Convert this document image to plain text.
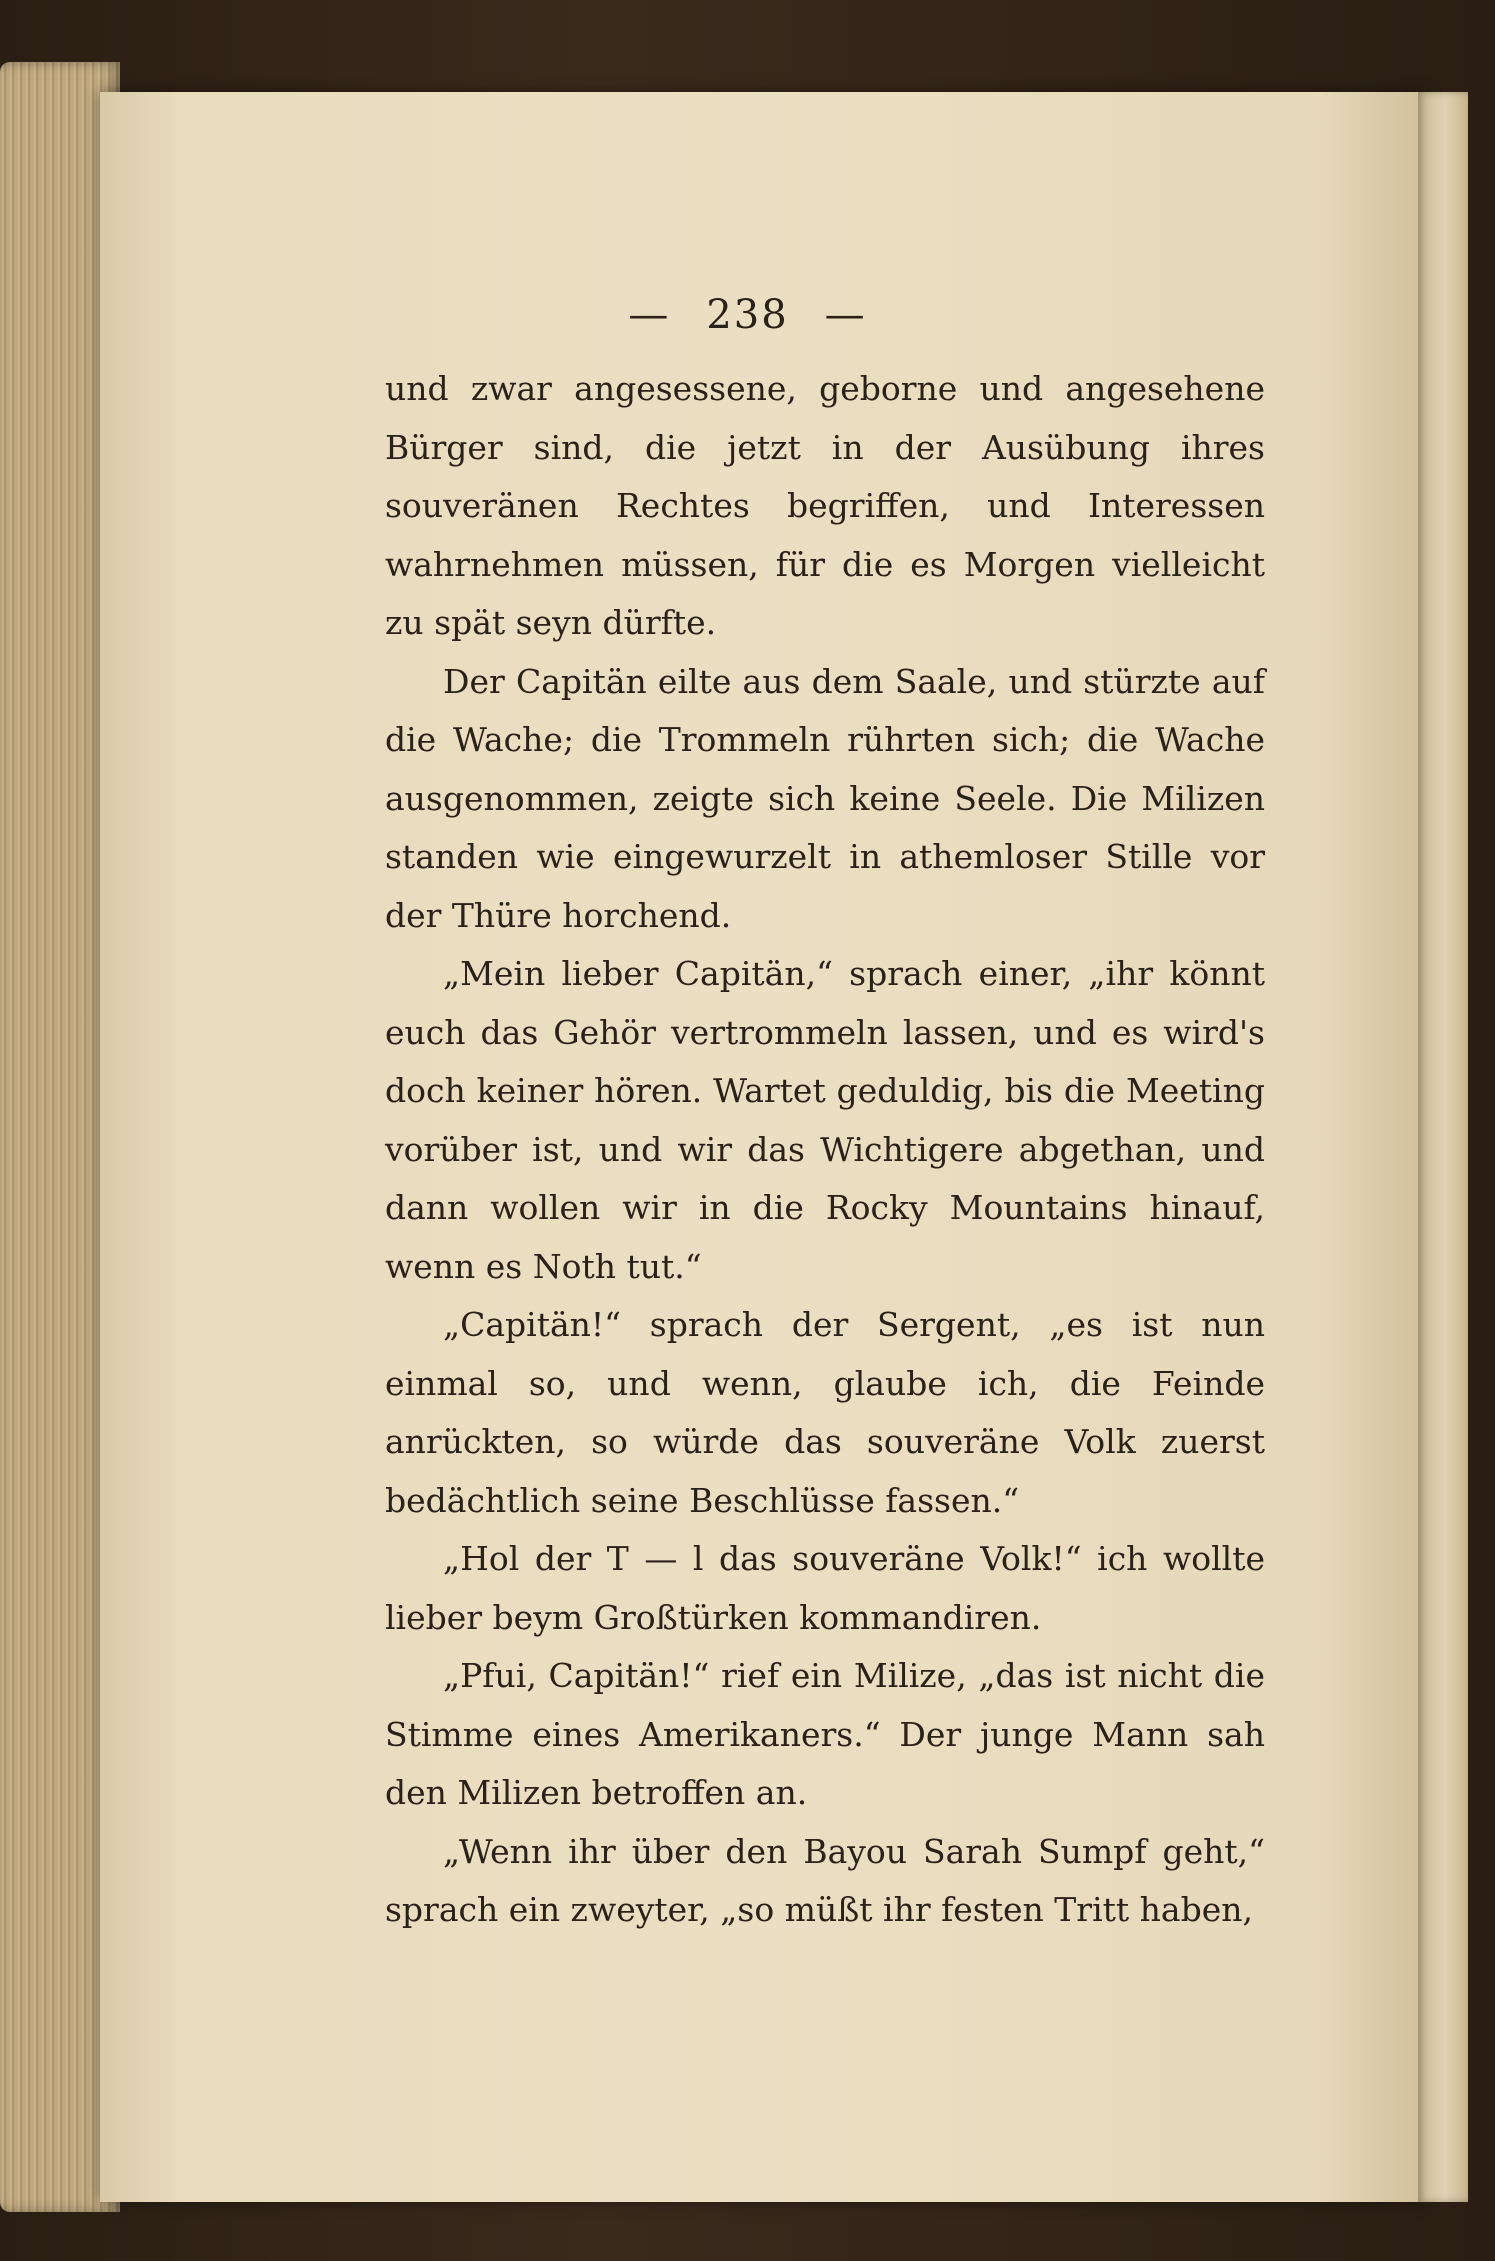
— 238 —

und zwar angesessene, geborne und angesehene Bürger sind, die jetzt in der Ausübung ihres souveränen Rechtes begriffen, und Interessen wahrnehmen müssen, für die es Morgen vielleicht zu spät seyn dürfte.

Der Capitän eilte aus dem Saale, und stürzte auf die Wache; die Trommeln rührten sich; die Wache ausgenommen, zeigte sich keine Seele. Die Milizen standen wie eingewurzelt in athemloser Stille vor der Thüre horchend.

„Mein lieber Capitän,“ sprach einer, „ihr könnt euch das Gehör vertrommeln lassen, und es wird's doch keiner hören. Wartet geduldig, bis die Meeting vorüber ist, und wir das Wichtigere abgethan, und dann wollen wir in die Rocky Mountains hinauf, wenn es Noth tut.“

„Capitän!“ sprach der Sergent, „es ist nun einmal so, und wenn, glaube ich, die Feinde anrückten, so würde das souveräne Volk zuerst bedächtlich seine Beschlüsse fassen.“

„Hol der T — l das souveräne Volk!“ ich wollte lieber beym Großtürken kommandiren.

„Pfui, Capitän!“ rief ein Milize, „das ist nicht die Stimme eines Amerikaners.“ Der junge Mann sah den Milizen betroffen an.

„Wenn ihr über den Bayou Sarah Sumpf geht,“ sprach ein zweyter, „so müßt ihr festen Tritt haben,
